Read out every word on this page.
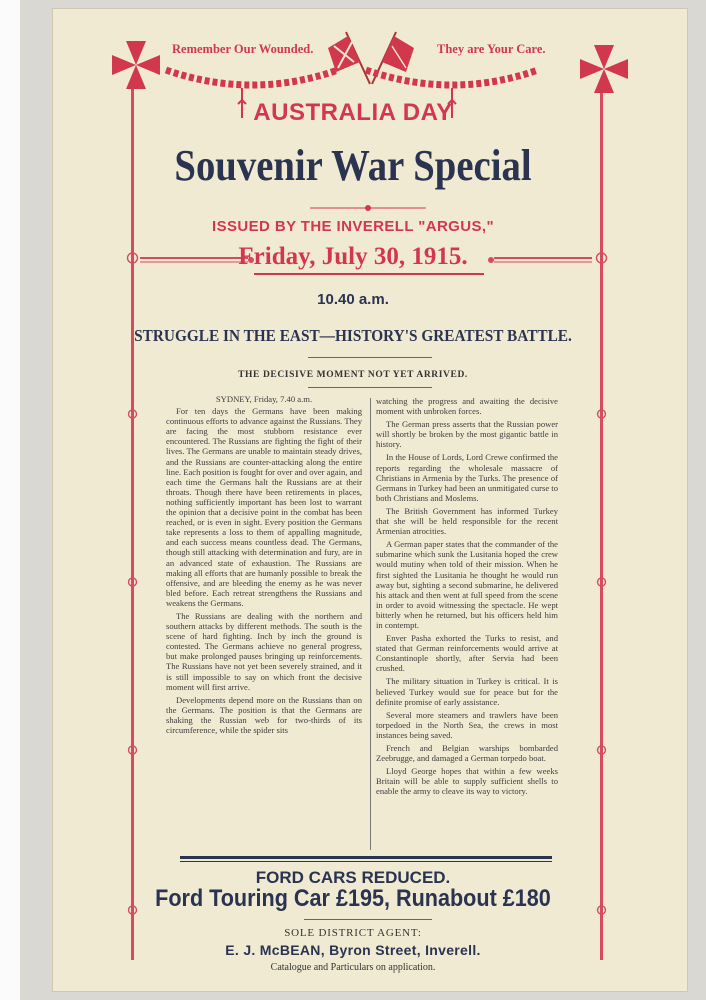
Remember Our Wounded.	They are Your Care.
AUSTRALIA DAY
Souvenir War Special
ISSUED BY THE INVERELL "ARGUS,"
Friday, July 30, 1915.
10.40 a.m.
STRUGGLE IN THE EAST—HISTORY'S GREATEST BATTLE.
THE DECISIVE MOMENT NOT YET ARRIVED.

SYDNEY, Friday, 7.40 a.m.

For ten days the Germans have been making continuous efforts to advance against the Russians. They are facing the most stubborn resistance ever encountered. The Russians are fighting the fight of their lives. The Germans are unable to maintain steady drives, and the Russians are counter-attacking along the entire line. Each position is fought for over and over again, and each time the Germans halt the Russians are at their throats. Though there have been retirements in places, nothing sufficiently important has been lost to warrant the opinion that a decisive point in the combat has been reached, or is even in sight. Every position the Germans take represents a loss to them of appalling magnitude, and each success means countless dead. The Germans, though still attacking with determination and fury, are in an advanced state of exhaustion. The Russians are making all efforts that are humanly possible to break the offensive, and are bleeding the enemy as he was never bled before. Each retreat strengthens the Russians and weakens the Germans.

The Russians are dealing with the northern and southern attacks by different methods. The south is the scene of hard fighting. Inch by inch the ground is contested. The Germans achieve no general progress, but make prolonged pauses bringing up reinforcements. The Russians have not yet been severely strained, and it is still impossible to say on which front the decisive moment will first arrive.

Developments depend more on the Russians than on the Germans. The position is that the Germans are shaking the Russian web for two-thirds of its circumference, while the spider sits

watching the progress and awaiting the decisive moment with unbroken forces.

The German press asserts that the Russian power will shortly be broken by the most gigantic battle in history.

In the House of Lords, Lord Crewe confirmed the reports regarding the wholesale massacre of Christians in Armenia by the Turks. The presence of Germans in Turkey had been an unmitigated curse to both Christians and Moslems.

The British Government has informed Turkey that she will be held responsible for the recent Armenian atrocities.

A German paper states that the commander of the submarine which sunk the Lusitania hoped the crew would mutiny when told of their mission. When he first sighted the Lusitania he thought he would run away but, sighting a second submarine, he delivered his attack and then went at full speed from the scene in order to avoid witnessing the spectacle. He wept bitterly when he returned, but his officers held him in contempt.

Enver Pasha exhorted the Turks to resist, and stated that German reinforcements would arrive at Constantinople shortly, after Servia had been crushed.

The military situation in Turkey is critical. It is believed Turkey would sue for peace but for the definite promise of early assistance.

Several more steamers and trawlers have been torpedoed in the North Sea, the crews in most instances being saved.

French and Belgian warships bombarded Zeebrugge, and damaged a German torpedo boat.

Lloyd George hopes that within a few weeks Britain will be able to supply sufficient shells to enable the army to cleave its way to victory.

FORD CARS REDUCED.
Ford Touring Car £195, Runabout £180
SOLE DISTRICT AGENT:
E. J. McBEAN, Byron Street, Inverell.
Catalogue and Particulars on application.
